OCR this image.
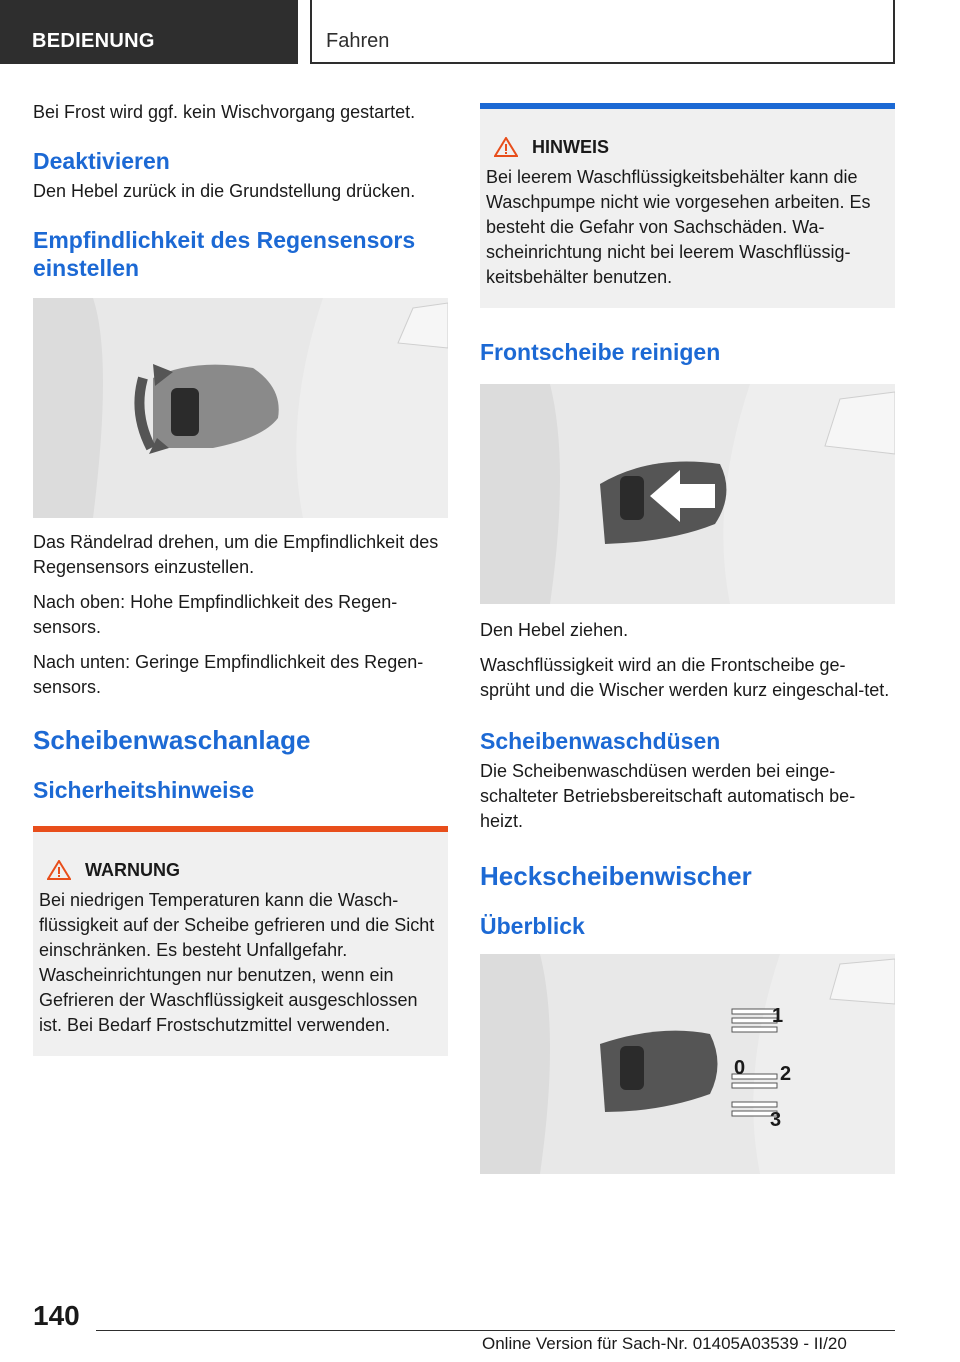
BEDIENUNG	Fahren

Bei Frost wird ggf. kein Wischvorgang gestartet.

Deaktivieren

Den Hebel zurück in die Grundstellung drücken.

Empfindlichkeit des Regensensors einstellen

Das Rändelrad drehen, um die Empfindlichkeit des Regensensors einzustellen.

Nach oben: Hohe Empfindlichkeit des Regen-sensors.

Nach unten: Geringe Empfindlichkeit des Regen-sensors.

Scheibenwaschanlage
Sicherheitshinweise
WARNUNG

Bei niedrigen Temperaturen kann die Wasch-flüssigkeit auf der Scheibe gefrieren und die Sicht einschränken. Es besteht Unfallgefahr. Wascheinrichtungen nur benutzen, wenn ein Gefrieren der Waschflüssigkeit ausgeschlossen ist. Bei Bedarf Frostschutzmittel verwenden.

HINWEIS

Bei leerem Waschflüssigkeitsbehälter kann die Waschpumpe nicht wie vorgesehen arbeiten. Es besteht die Gefahr von Sachschäden. Wa-scheinrichtung nicht bei leerem Waschflüssig-keitsbehälter benutzen.

Frontscheibe reinigen

Den Hebel ziehen.

Waschflüssigkeit wird an die Frontscheibe ge-sprüht und die Wischer werden kurz eingeschal-tet.

Scheibenwaschdüsen

Die Scheibenwaschdüsen werden bei einge-schalteter Betriebsbereitschaft automatisch be-heizt.

Heckscheibenwischer
Überblick
1
0 2
3
140
Online Version für Sach-Nr. 01405A03539 - II/20
